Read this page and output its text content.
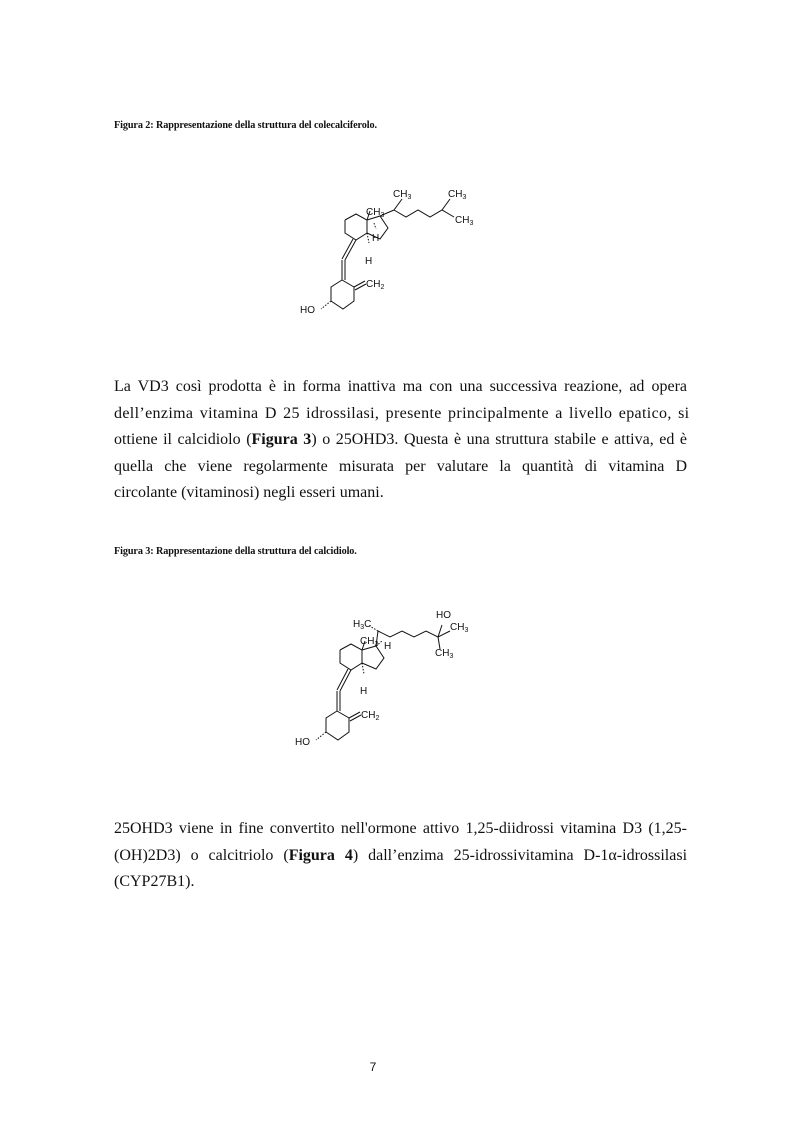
Figura 2: Rappresentazione della struttura del colecalciferolo.
$CH_3$	$CH_3$
$CH_3$
$CH_3$
H
H
$CH_2$
HO
La VD3 così prodotta è in forma inattiva ma con una successiva reazione, ad opera
dell’enzima vitamina D 25 idrossilasi, presente principalmente a livello epatico, si
ottiene il calcidiolo (Figura 3) o 25OHD3. Questa è una struttura stabile e attiva, ed è
quella che viene regolarmente misurata per valutare la quantità di vitamina D
circolante (vitaminosi) negli esseri umani.
Figura 3: Rappresentazione della struttura del calcidiolo.
$H_3C$
HO
$CH_3$
$CH_3$
$CH_3$ H
H
$CH_2$
HO
25OHD3 viene in fine convertito nell'ormone attivo 1,25-diidrossi vitamina D3 (1,25-
(OH)2D3) o calcitriolo (Figura 4) dall’enzima 25-idrossivitamina D-1α-idrossilasi
(CYP27B1).
7
